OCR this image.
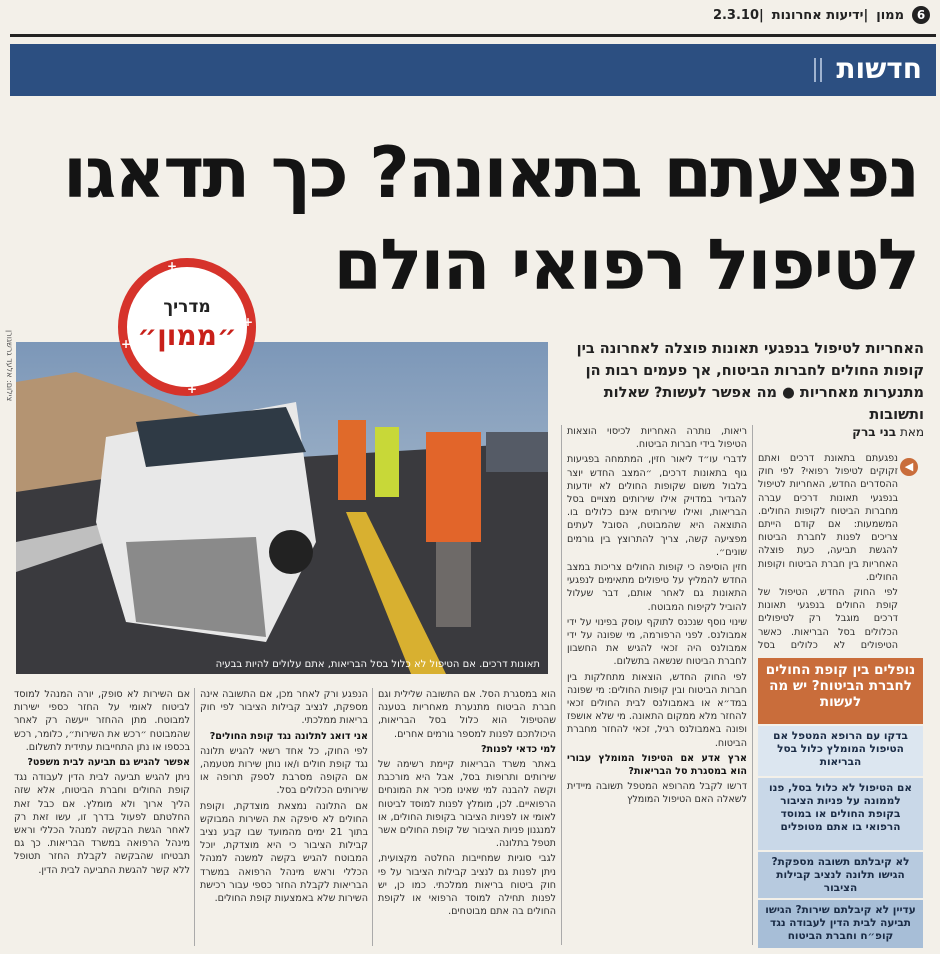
6ממון|ידיעות אחרונות|2.3.10
חדשות
נפצעתם בתאונה? כך תדאגו
לטיפול רפואי הולם
תאונות דרכים. אם הטיפול לא כלול בסל הבריאות, אתם עלולים להיות בבעיה
צילום: אלעד גרשגורן
+
+
+
+
מדריך
״ממון״	האחריות לטיפול בנפגעי תאונות פוצלה לאחרונה בין קופות החולים לחברות הביטוח, אך פעמים רבות הן מתנערות מאחריות ● מה אפשר לעשות? שאלות ותשובות
מאת בני ברק
◀

נפגעתם בתאונת דרכים ואתם זקוקים לטיפול רפואי? לפי חוק ההסדרים החדש, האחריות לטיפול בנפגעי תאונות דרכים עברה מחברות הביטוח לקופות החולים. המשמעות: אם קודם הייתם צריכים לפנות לחברת הביטוח להגשת תביעה, כעת פוצלה האחריות בין חברת הביטוח וקופות החולים.

לפי החוק החדש, הטיפול של קופת החולים בנפגעי תאונות דרכים מוגבל רק לטיפולים הכלולים בסל הבריאות. כאשר הטיפולים לא כלולים בסל

נופלים בין קופת החולים לחברת הביטוח? יש מה לעשות
בדקו עם הרופא המטפל אם הטיפול המומלץ כלול בסל הבריאות
אם הטיפול לא כלול בסל, פנו לממונה על פניות הציבור בקופת החולים או במוסד הרפואי בו אתם מטופלים
לא קיבלתם תשובה מספקת? הגישו תלונה לנציב קבילות הציבור
עדיין לא קיבלתם שירות? הגישו תביעה לבית הדין לעבודה נגד קופ״ח וחברת הביטוח

ריאות, נותרה האחריות לכיסוי הוצאות הטיפול בידי חברות הביטוח.

לדברי עו״ד ליאור חזין, המתמחה בפגיעות גוף בתאונות דרכים, ״המצב החדש יוצר בלבול משום שקופות החולים לא יודעות להגדיר במדויק אילו שירותים מצויים בסל הבריאות, ואילו שירותים אינם כלולים בו. התוצאה היא שהמבוטח, הסובל לעתים מפציעה קשה, צריך להתרוצץ בין גורמים שונים״.

חזין הוסיפה כי קופות החולים צריכות במצב החדש להמליץ על טיפולים מתאימים לנפגעי התאונות גם לאחר אותם, דבר שעלול להוביל לקיפוח המבוטח.

שינוי נוסף שנכנס לתוקף עוסק בפינוי על ידי אמבולנס. לפני הרפורמה, מי שפונה על ידי אמבולנס היה זכאי להגיש את החשבון לחברת הביטוח שנשאה בתשלום.

לפי החוק החדש, הוצאות מתחלקות בין חברות הביטוח ובין קופות החולים: מי שפונה במד״א או באמבולנס לבית החולים זכאי להחזר מלא ממקום התאונה. מי שלא אושפז ופונה באמבולנס רגיל, זכאי להחזר מחברת הביטוח.

ארץ אדע אם הטיפול המומלץ עבורי הוא במסגרת סל הבריאות?

דרשו לקבל מהרופא המטפל תשובה מיידית לשאלה האם הטיפול המומלץ

הוא במסגרת הסל. אם התשובה שלילית וגם חברת הביטוח מתנערת מאחריות בטענה שהטיפול הוא כלול בסל הבריאות, היכולתכם לפנות למספר גורמים אחרים.

למי כדאי לפנות?

באתר משרד הבריאות קיימת רשימה של שירותים ותרופות בסל, אבל היא מורכבת וקשה להבנה למי שאינו מכיר את המונחים הרפואיים. לכן, מומלץ לפנות למוסד לביטוח לאומי או לפניות הציבור בקופות החולים, או למנגנון פניות הציבור של קופת החולים אשר תטפל בתלונה.

לגבי סוגיות שמחייבות החלטה מקצועית, ניתן לפנות גם לנציב קבילות הציבור על פי חוק ביטוח בריאות ממלכתי. כמו כן, יש לפנות תחילה למוסד הרפואי או לקופת החולים בה אתם מבוטחים.

הנפגע ורק לאחר מכן, אם התשובה אינה מספקת, לנציב קבילות הציבור לפי חוק בריאות ממלכתי.

אני דואג לתלונה נגד קופת החולים?

לפי החוק, כל אחד רשאי להגיש תלונה נגד קופת חולים ו/או נותן שירות מטעמה, אם הקופה מסרבת לספק תרופה או שירותים הכלולים בסל.

אם התלונה נמצאת מוצדקת, וקופת החולים לא סיפקה את השירות המבוקש בתוך 21 ימים מהמועד שבו קבע נציב קבילות הציבור כי היא מוצדקת, יוכל המבוטח להגיש בקשה למשנה למנהל הכללי וראש מינהל הרפואה במשרד הבריאות לקבלת החזר כספי עבור רכישת השירות שלא באמצעות קופת החולים.

אם השירות לא סופק, יורה המנהל למוסד לביטוח לאומי על החזר כספי ישירות למבוטח. מתן ההחזר ייעשה רק לאחר שהמבוטח ״רכש את השירות״, כלומר, רכש בכספו או נתן התחייבות עתידית לתשלום.

אפשר להגיש גם תביעה לבית משפט?

ניתן להגיש תביעה לבית הדין לעבודה נגד קופת החולים וחברת הביטוח, אלא שזה הליך ארוך ולא מומלץ. אם כבל זאת החלטתם לפעול בדרך זו, עשו זאת רק לאחר הגשת הבקשה למנהל הכללי וראש מינהל הרפואה במשרד הבריאות. כך גם תבטיחו שהבקשה לקבלת החזר תטופל ללא קשר להגשת התביעה לבית הדין.
